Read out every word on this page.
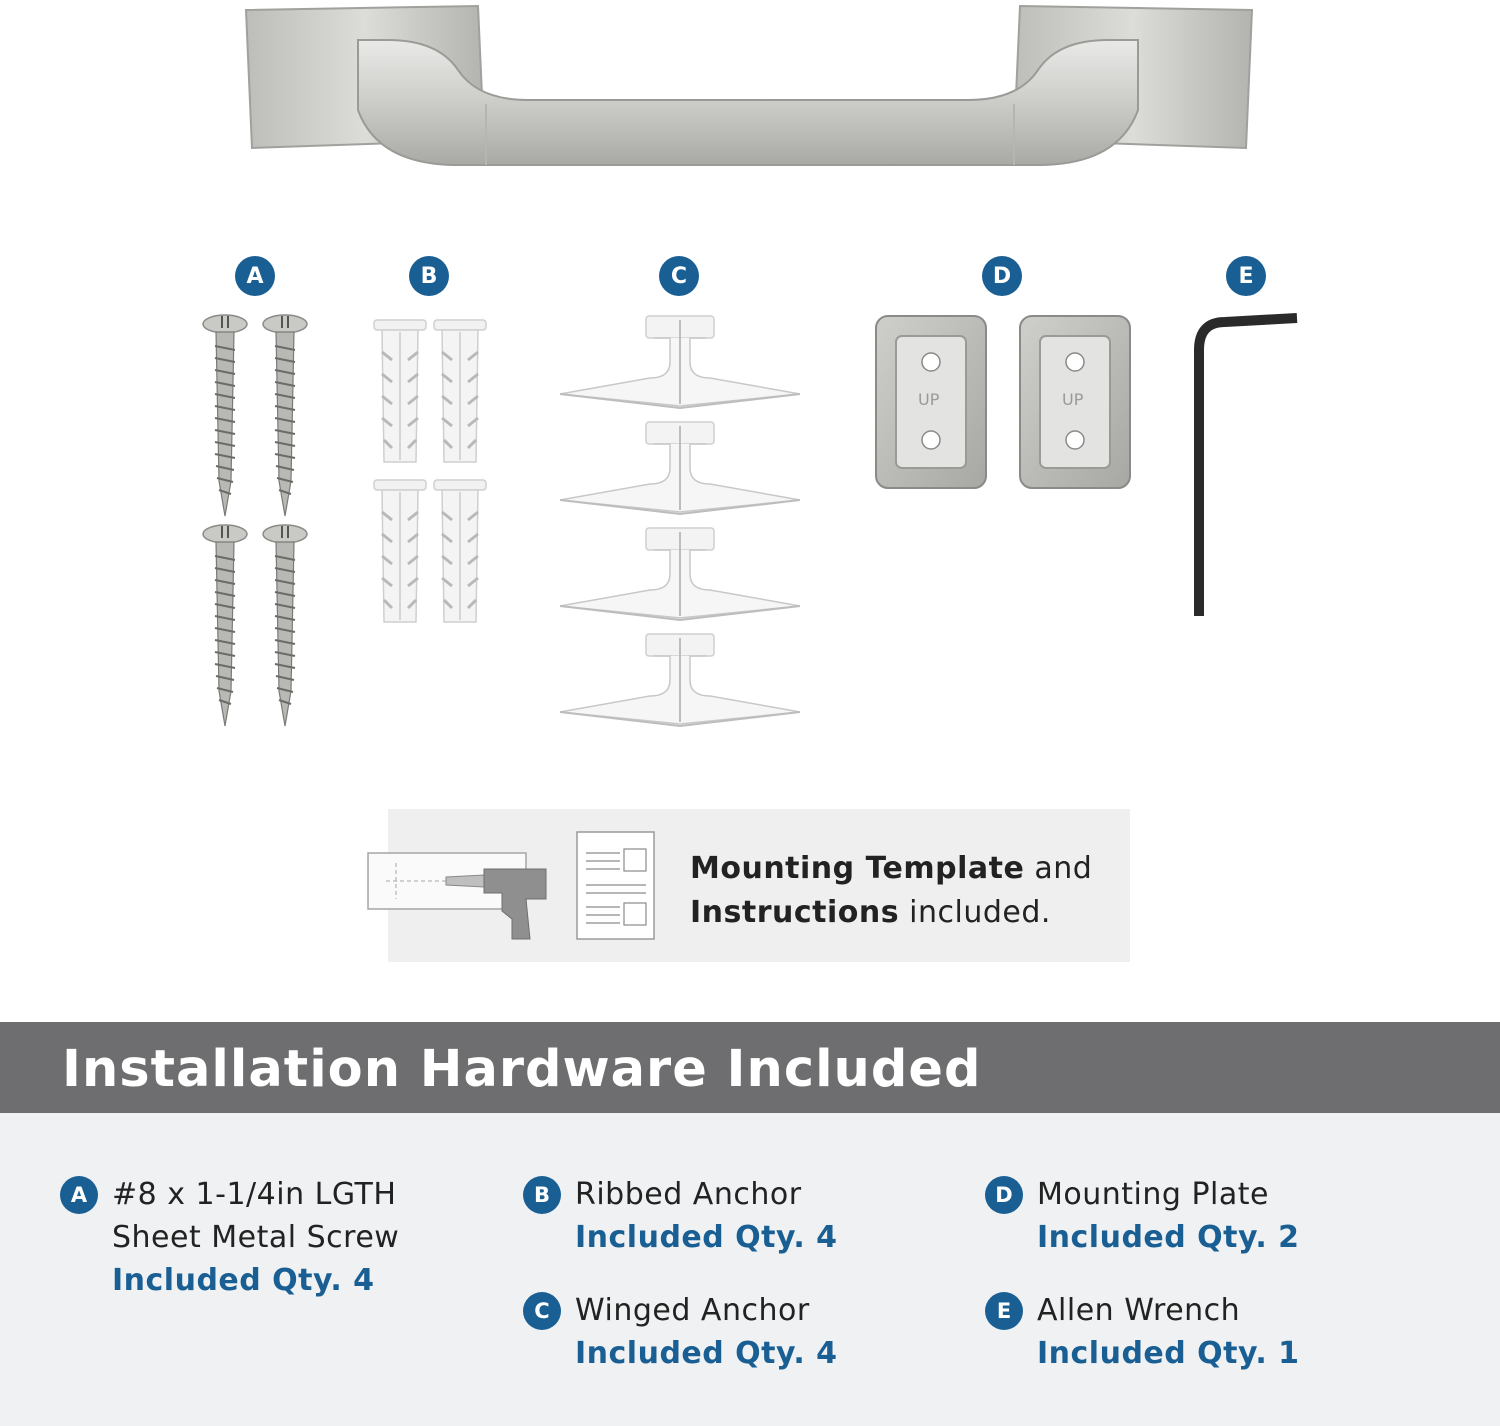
A	B	C	D	E
UP	UP
Mounting Template and
Instructions included.
Installation Hardware Included
A #8 x 1-1/4in LGTH
Sheet Metal Screw
Included Qty. 4
B Ribbed Anchor
Included Qty. 4
C Winged Anchor
Included Qty. 4
D Mounting Plate
Included Qty. 2
E Allen Wrench
Included Qty. 1
